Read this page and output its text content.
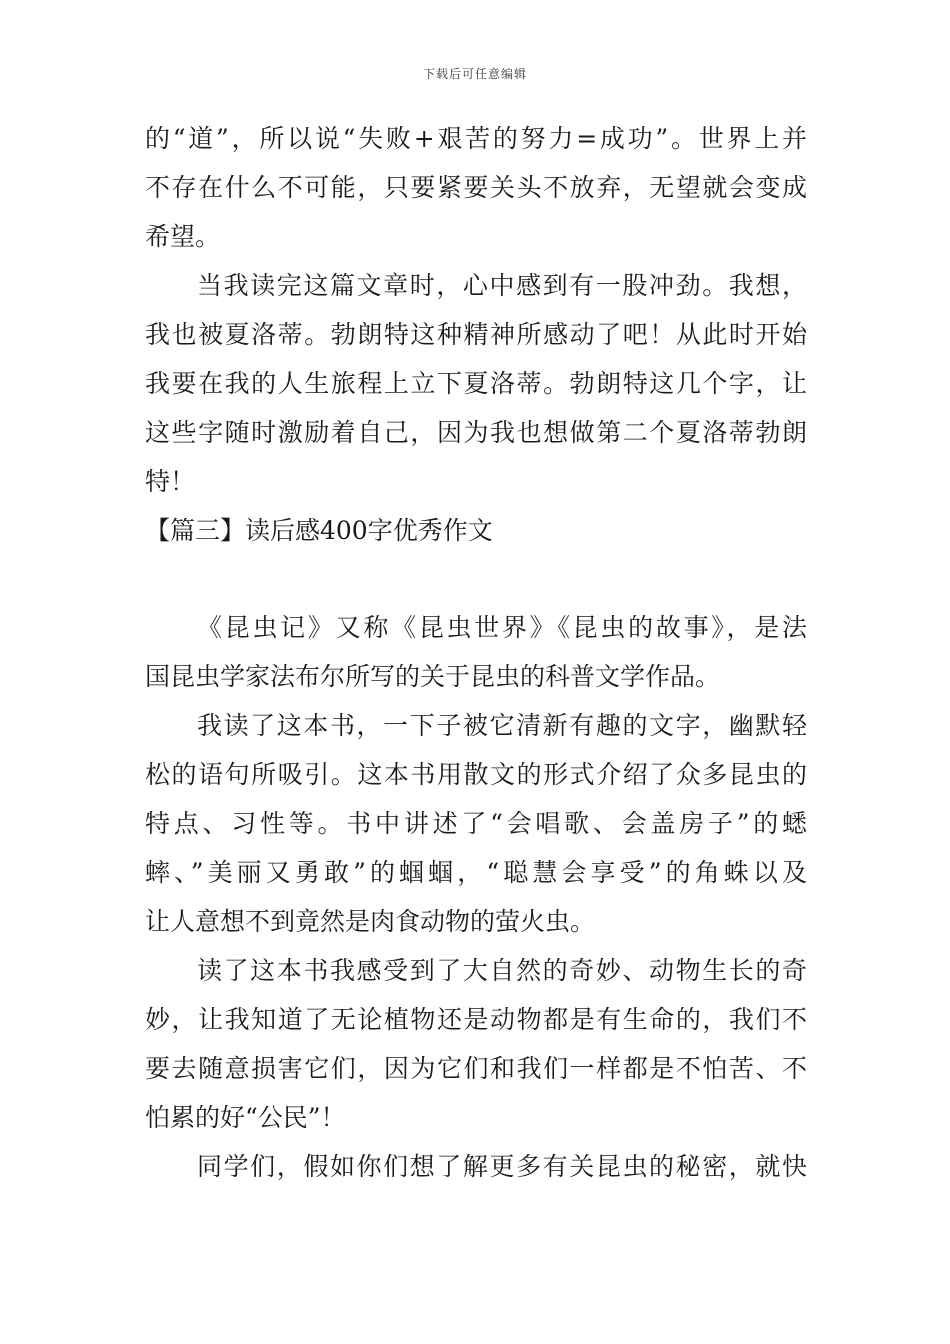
下载后可任意编辑
的“道”，所以说“失败+艰苦的努力=成功”。世界上并
不存在什么不可能，只要紧要关头不放弃，无望就会变成
希望。
当我读完这篇文章时，心中感到有一股冲劲。我想，
我也被夏洛蒂。勃朗特这种精神所感动了吧！从此时开始
我要在我的人生旅程上立下夏洛蒂。勃朗特这几个字，让
这些字随时激励着自己，因为我也想做第二个夏洛蒂勃朗
特！
【篇三】读后感400字优秀作文
《昆虫记》又称《昆虫世界》《昆虫的故事》，是法
国昆虫学家法布尔所写的关于昆虫的科普文学作品。
我读了这本书，一下子被它清新有趣的文字，幽默轻
松的语句所吸引。这本书用散文的形式介绍了众多昆虫的
特点、习性等。书中讲述了“会唱歌、会盖房子”的蟋
蟀、”美丽又勇敢”的蝈蝈，“聪慧会享受”的角蛛以及
让人意想不到竟然是肉食动物的萤火虫。
读了这本书我感受到了大自然的奇妙、动物生长的奇
妙，让我知道了无论植物还是动物都是有生命的，我们不
要去随意损害它们，因为它们和我们一样都是不怕苦、不
怕累的好“公民”！
同学们，假如你们想了解更多有关昆虫的秘密，就快
